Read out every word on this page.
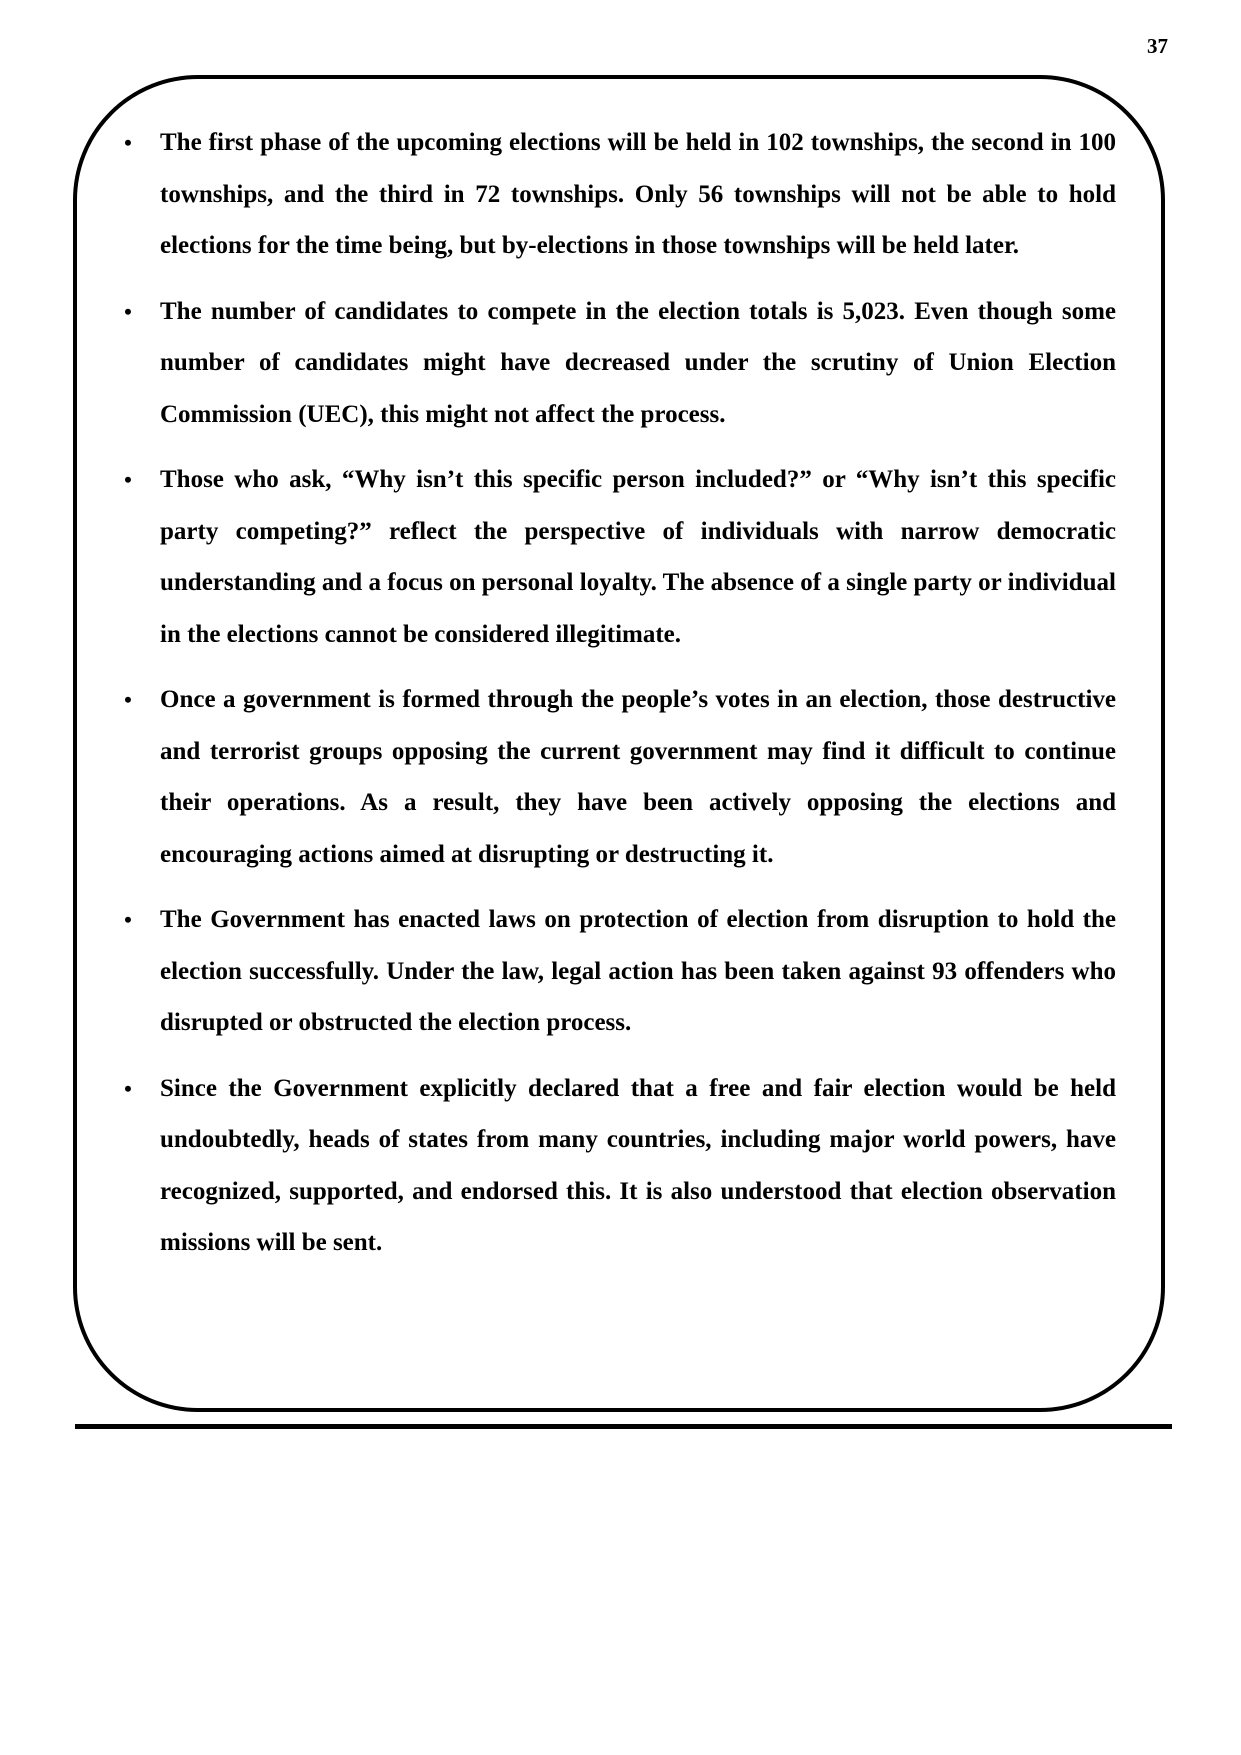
37
• The first phase of the upcoming elections will be held in 102 townships, the second in 100 townships, and the third in 72 townships. Only 56 townships will not be able to hold elections for the time being, but by-elections in those townships will be held later.
• The number of candidates to compete in the election totals is 5,023. Even though some number of candidates might have decreased under the scrutiny of Union Election Commission (UEC), this might not affect the process.
• Those who ask, “Why isn’t this specific person included?” or “Why isn’t this specific party competing?” reflect the perspective of individuals with narrow democratic understanding and a focus on personal loyalty. The absence of a single party or individual in the elections cannot be considered illegitimate.
• Once a government is formed through the people’s votes in an election, those destructive and terrorist groups opposing the current government may find it difficult to continue their operations. As a result, they have been actively opposing the elections and encouraging actions aimed at disrupting or destructing it.
• The Government has enacted laws on protection of election from disruption to hold the election successfully. Under the law, legal action has been taken against 93 offenders who disrupted or obstructed the election process.
• Since the Government explicitly declared that a free and fair election would be held undoubtedly, heads of states from many countries, including major world powers, have recognized, supported, and endorsed this. It is also understood that election observation missions will be sent.
